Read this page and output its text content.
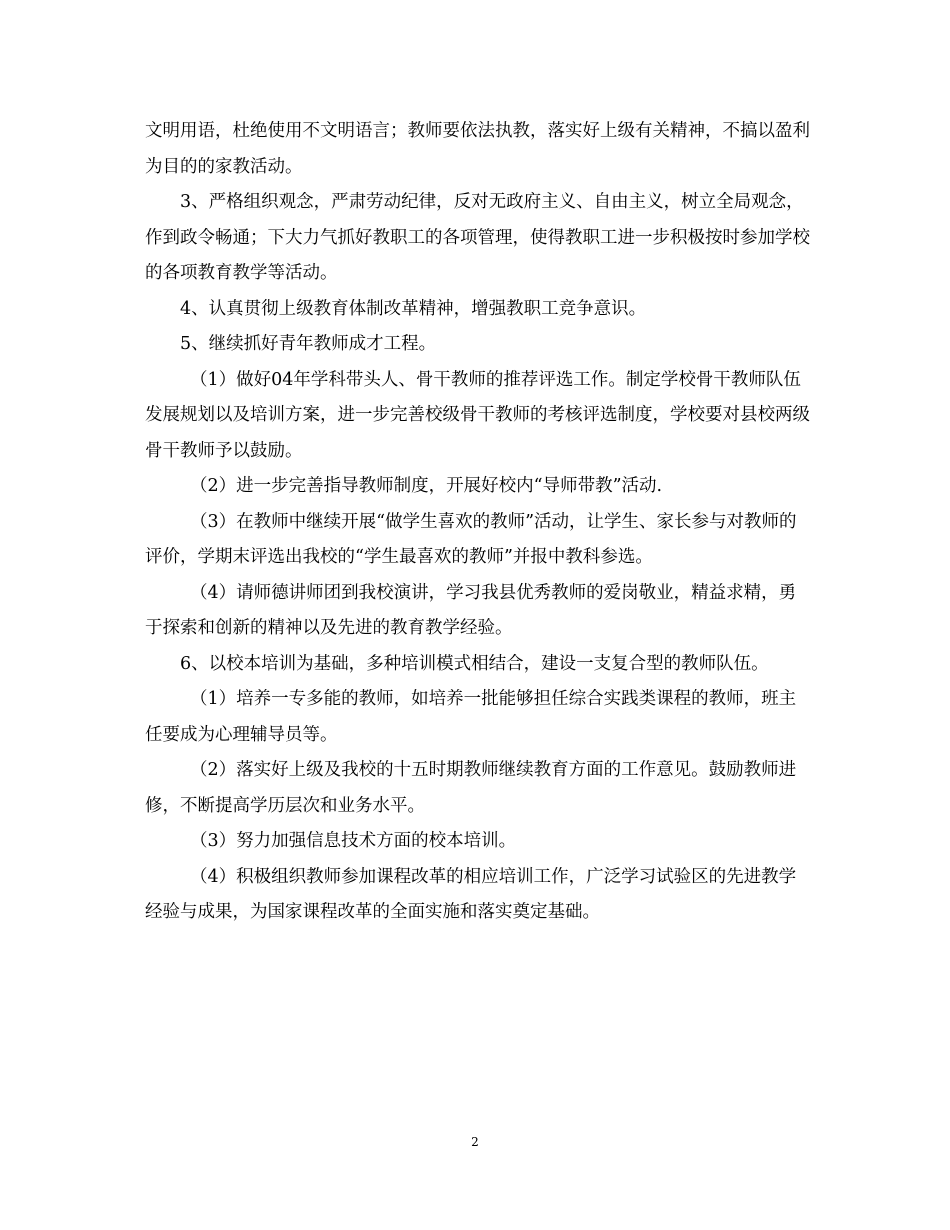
文明用语，杜绝使用不文明语言；教师要依法执教，落实好上级有关精神，不搞以盈利为目的的家教活动。

3、严格组织观念，严肃劳动纪律，反对无政府主义、自由主义，树立全局观念，作到政令畅通；下大力气抓好教职工的各项管理，使得教职工进一步积极按时参加学校的各项教育教学等活动。

4、认真贯彻上级教育体制改革精神，增强教职工竞争意识。

5、继续抓好青年教师成才工程。

（1）做好04年学科带头人、骨干教师的推荐评选工作。制定学校骨干教师队伍发展规划以及培训方案，进一步完善校级骨干教师的考核评选制度，学校要对县校两级骨干教师予以鼓励。

（2）进一步完善指导教师制度，开展好校内“导师带教”活动.

（3）在教师中继续开展“做学生喜欢的教师”活动，让学生、家长参与对教师的评价，学期末评选出我校的“学生最喜欢的教师”并报中教科参选。

（4）请师德讲师团到我校演讲，学习我县优秀教师的爱岗敬业，精益求精，勇于探索和创新的精神以及先进的教育教学经验。

6、以校本培训为基础，多种培训模式相结合，建设一支复合型的教师队伍。

（1）培养一专多能的教师，如培养一批能够担任综合实践类课程的教师，班主任要成为心理辅导员等。

（2）落实好上级及我校的十五时期教师继续教育方面的工作意见。鼓励教师进修，不断提高学历层次和业务水平。

（3）努力加强信息技术方面的校本培训。

（4）积极组织教师参加课程改革的相应培训工作，广泛学习试验区的先进教学经验与成果，为国家课程改革的全面实施和落实奠定基础。

2
